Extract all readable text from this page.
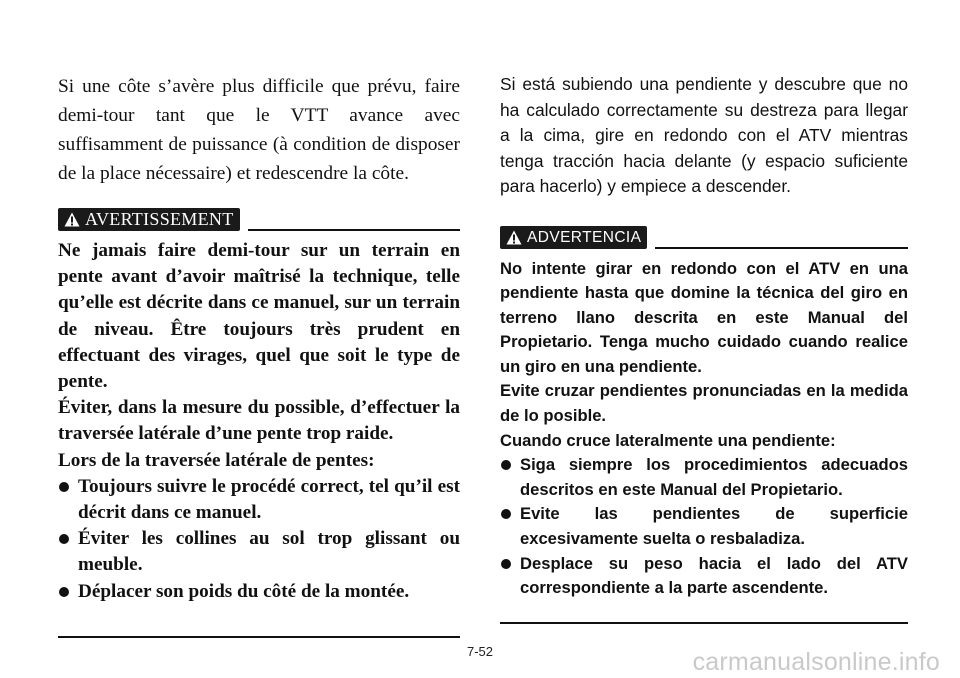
Si une côte s’avère plus difficile que prévu, faire demi-tour tant que le VTT avance avec suffisamment de puissance (à condition de disposer de la place nécessaire) et redescendre la côte.

AVERTISSEMENT

Ne jamais faire demi-tour sur un terrain en pente avant d’avoir maîtrisé la technique, telle qu’elle est décrite dans ce manuel, sur un terrain de niveau. Être toujours très prudent en effectuant des virages, quel que soit le type de pente.

Éviter, dans la mesure du possible, d’effectuer la traversée latérale d’une pente trop raide.

Lors de la traversée latérale de pentes:

Toujours suivre le procédé correct, tel qu’il est décrit dans ce manuel.
Éviter les collines au sol trop glissant ou meuble.
Déplacer son poids du côté de la montée.

Si está subiendo una pendiente y descubre que no ha calculado correctamente su destreza para llegar a la cima, gire en redondo con el ATV mientras tenga tracción hacia delante (y espacio suficiente para hacerlo) y empiece a descender.

ADVERTENCIA

No intente girar en redondo con el ATV en una pendiente hasta que domine la técnica del giro en terreno llano descrita en este Manual del Propietario. Tenga mucho cuidado cuando realice un giro en una pendiente.

Evite cruzar pendientes pronunciadas en la medida de lo posible.

Cuando cruce lateralmente una pendiente:

Siga siempre los procedimientos adecuados descritos en este Manual del Propietario.
Evite las pendientes de superficie excesivamente suelta o resbaladiza.
Desplace su peso hacia el lado del ATV correspondiente a la parte ascendente.
7-52	carmanualsonline.info
